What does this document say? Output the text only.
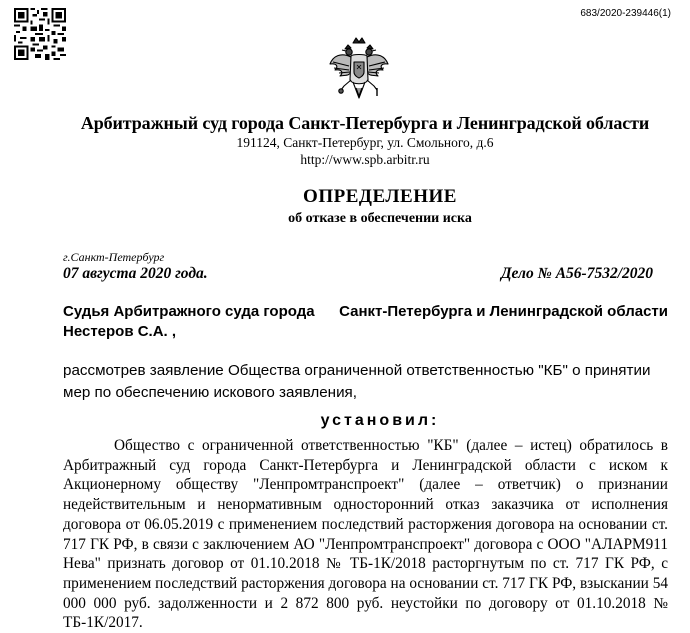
683/2020-239446(1)
Арбитражный суд города Санкт-Петербурга и Ленинградской области
191124, Санкт-Петербург, ул. Смольного, д.6
http://www.spb.arbitr.ru
ОПРЕДЕЛЕНИЕ
об отказе в обеспечении иска
г.Санкт-Петербург
07 августа 2020 года.	Дело № А56-7532/2020
Судья Арбитражного суда города Санкт-Петербурга и Ленинградской области
Нестеров С.А. ,
рассмотрев заявление Общества ограниченной ответственностью "КБ" о принятии мер по обеспечению искового заявления,
установил:
Общество с ограниченной ответственностью "КБ" (далее – истец) обратилось в Арбитражный суд города Санкт-Петербурга и Ленинградской области с иском к Акционерному обществу "Ленпромтранспроект" (далее – ответчик) о признании недействительным и ненормативным односторонний отказ заказчика от исполнения договора от 06.05.2019 с применением последствий расторжения договора на основании ст. 717 ГК РФ, в связи с заключением АО "Ленпромтранспроект" договора с ООО "АЛАРМ911 Нева" признать договор от 01.10.2018 № ТБ-1К/2018 расторгнутым по ст. 717 ГК РФ, с применением последствий расторжения договора на основании ст. 717 ГК РФ, взыскании 54 000 000 руб. задолженности и 2 872 800 руб. неустойки по договору от 01.10.2018 № ТБ-1К/2017.
